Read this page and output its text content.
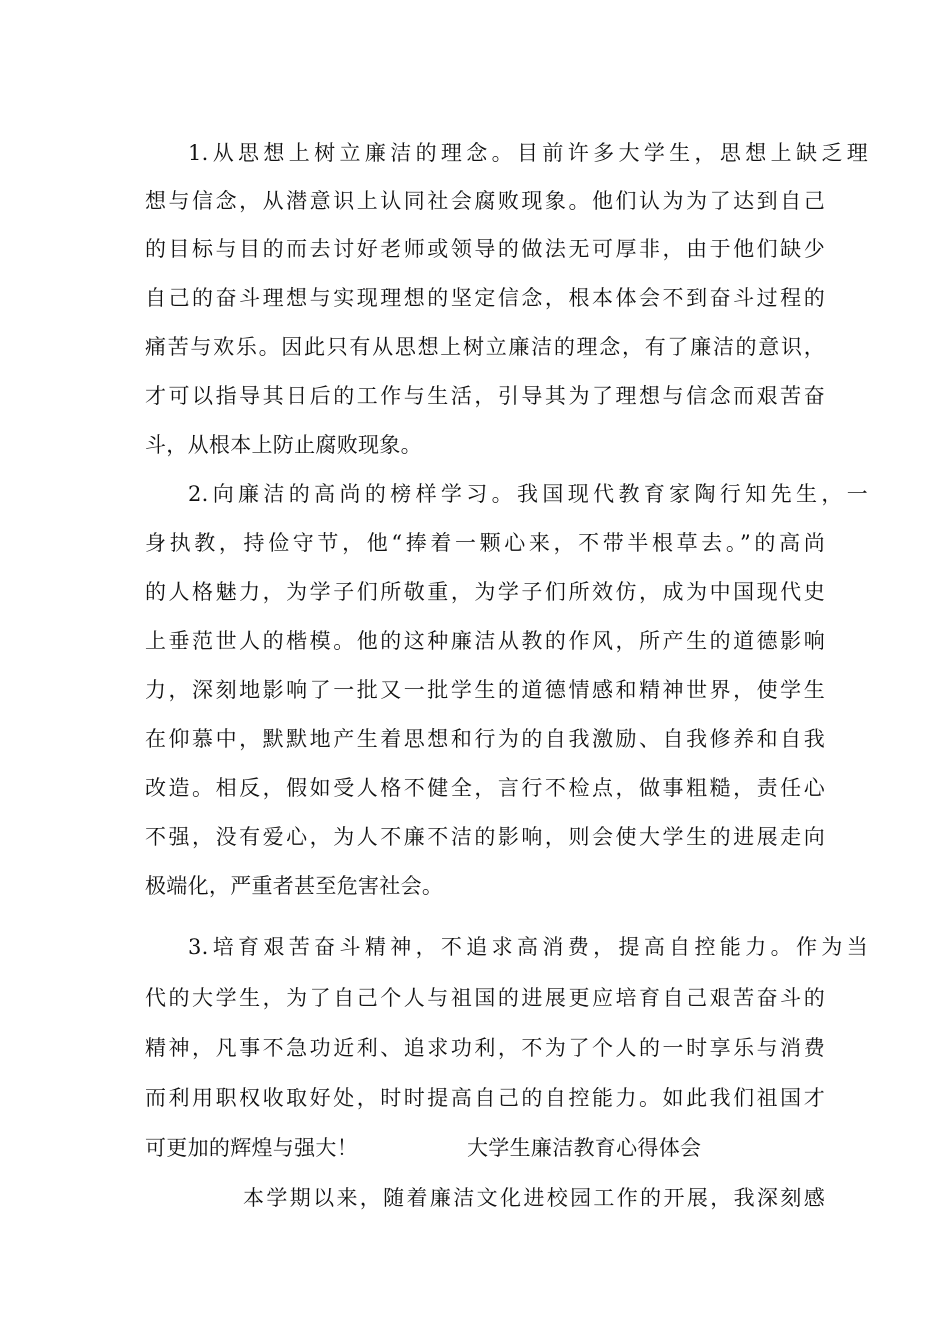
1.从思想上树立廉洁的理念。目前许多大学生，思想上缺乏理
想与信念，从潜意识上认同社会腐败现象。他们认为为了达到自己
的目标与目的而去讨好老师或领导的做法无可厚非，由于他们缺少
自己的奋斗理想与实现理想的坚定信念，根本体会不到奋斗过程的
痛苦与欢乐。因此只有从思想上树立廉洁的理念，有了廉洁的意识，
才可以指导其日后的工作与生活，引导其为了理想与信念而艰苦奋
斗，从根本上防止腐败现象。
2.向廉洁的高尚的榜样学习。我国现代教育家陶行知先生，一
身执教，持俭守节，他“捧着一颗心来，不带半根草去。”的高尚
的人格魅力，为学子们所敬重，为学子们所效仿，成为中国现代史
上垂范世人的楷模。他的这种廉洁从教的作风，所产生的道德影响
力，深刻地影响了一批又一批学生的道德情感和精神世界，使学生
在仰慕中，默默地产生着思想和行为的自我激励、自我修养和自我
改造。相反，假如受人格不健全，言行不检点，做事粗糙，责任心
不强，没有爱心，为人不廉不洁的影响，则会使大学生的进展走向
极端化，严重者甚至危害社会。
3.培育艰苦奋斗精神，不追求高消费，提高自控能力。作为当
代的大学生，为了自己个人与祖国的进展更应培育自己艰苦奋斗的
精神，凡事不急功近利、追求功利，不为了个人的一时享乐与消费
而利用职权收取好处，时时提高自己的自控能力。如此我们祖国才
可更加的辉煌与强大！	大学生廉洁教育心得体会
本学期以来，随着廉洁文化进校园工作的开展，我深刻感
